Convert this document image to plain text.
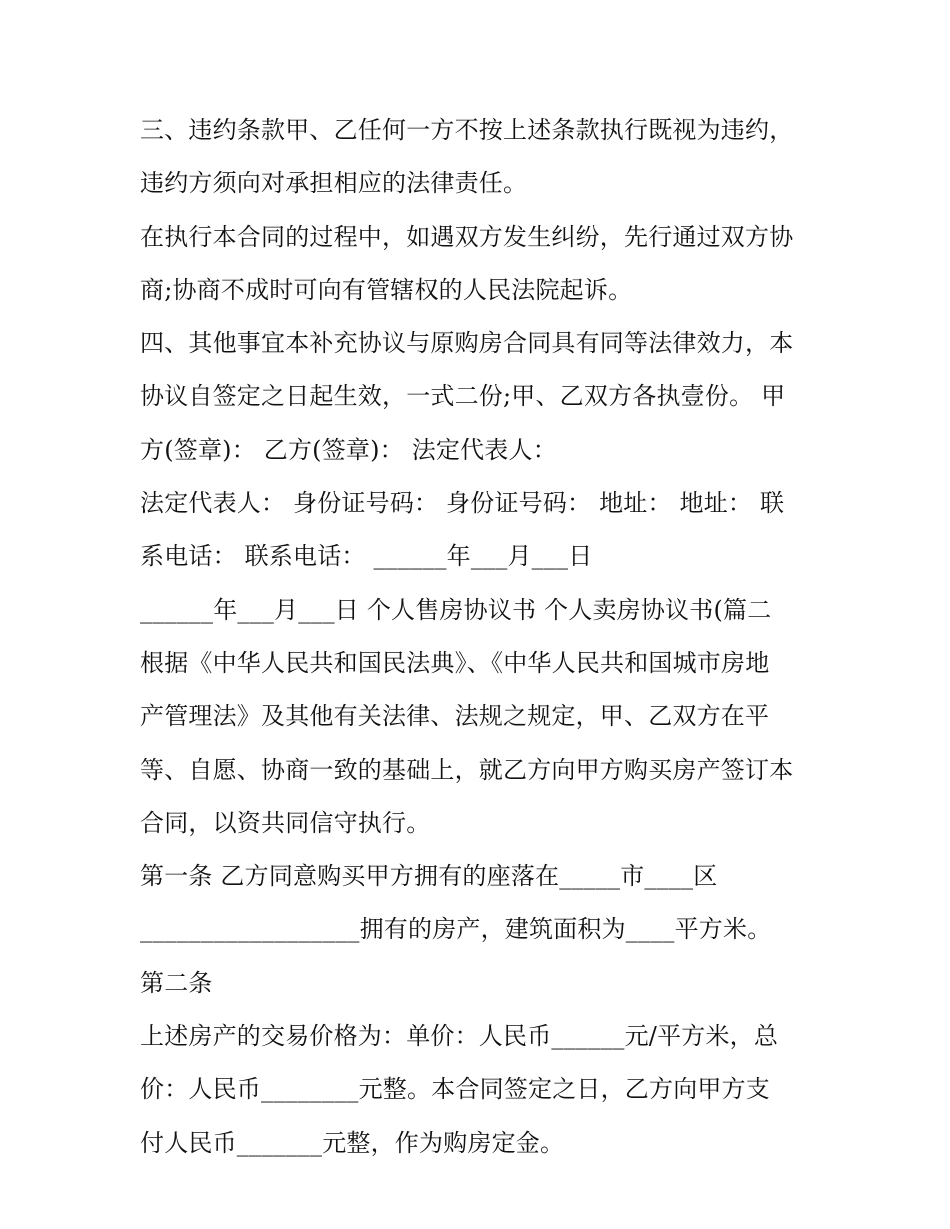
三、违约条款甲、乙任何一方不按上述条款执行既视为违约，
违约方须向对承担相应的法律责任。
在执行本合同的过程中，如遇双方发生纠纷，先行通过双方协
商;协商不成时可向有管辖权的人民法院起诉。
四、其他事宜本补充协议与原购房合同具有同等法律效力，本
协议自签定之日起生效，一式二份;甲、乙双方各执壹份。 甲
方(签章)： 乙方(签章)： 法定代表人：
法定代表人： 身份证号码： 身份证号码： 地址： 地址： 联
系电话： 联系电话： ______年___月___日
______年___月___日 个人售房协议书 个人卖房协议书(篇二
根据《中华人民共和国民法典》、《中华人民共和国城市房地
产管理法》及其他有关法律、法规之规定，甲、乙双方在平
等、自愿、协商一致的基础上，就乙方向甲方购买房产签订本
合同，以资共同信守执行。
第一条 乙方同意购买甲方拥有的座落在_____市____区
__________________拥有的房产，建筑面积为____平方米。
第二条
上述房产的交易价格为：单价：人民币______元/平方米，总
价：人民币________元整。本合同签定之日，乙方向甲方支
付人民币_______元整，作为购房定金。
